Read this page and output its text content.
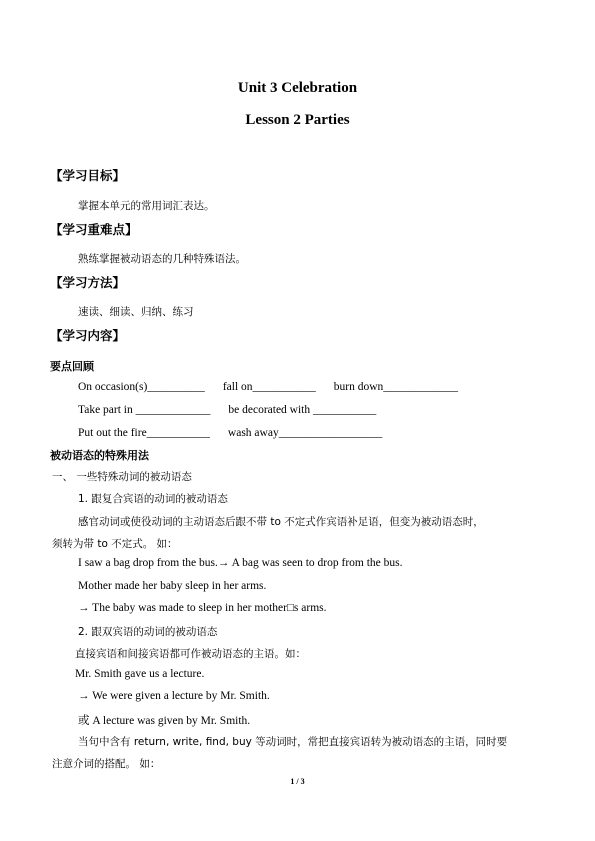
Unit 3 Celebration
Lesson 2 Parties
【学习目标】
掌握本单元的常用词汇表达。
【学习重难点】
熟练掌握被动语态的几种特殊语法。
【学习方法】
速读、细读、归纳、练习
【学习内容】
要点回顾
On occasion(s)__________ fall on___________ burn down_____________
Take part in _____________ be decorated with ___________
Put out the fire___________ wash away__________________
被动语态的特殊用法
一、 一些特殊动词的被动语态
1. 跟复合宾语的动词的被动语态
感官动词或使役动词的主动语态后跟不带 to 不定式作宾语补足语，但变为被动语态时，
须转为带 to 不定式。 如：
I saw a bag drop from the bus.→ A bag was seen to drop from the bus.
Mother made her baby sleep in her arms.
→ The baby was made to sleep in her mother□s arms.
2. 跟双宾语的动词的被动语态
直接宾语和间接宾语都可作被动语态的主语。如：
Mr. Smith gave us a lecture.
→ We were given a lecture by Mr. Smith.
或 A lecture was given by Mr. Smith.
当句中含有 return, write, find, buy 等动词时，常把直接宾语转为被动语态的主语，同时要
注意介词的搭配。 如：
1 / 3
